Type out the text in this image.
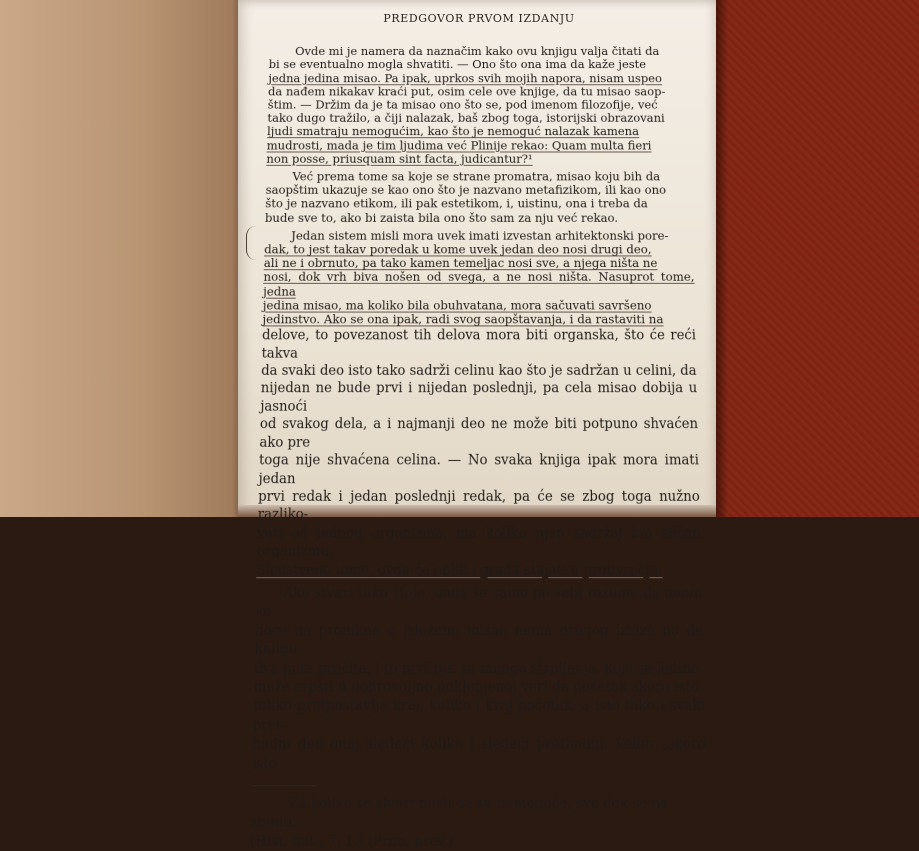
PREDGOVOR PRVOM IZDANJU

Ovde mi je namera da naznačim kako ovu knjigu valja čitati da
bi se eventualno mogla shvatiti. — Ono što ona ima da kaže jeste
jedna jedina misao. Pa ipak, uprkos svih mojih napora, nisam uspeo
da nađem nikakav kraći put, osim cele ove knjige, da tu misao saop-
štim. — Držim da je ta misao ono što se, pod imenom filozofije, već
tako dugo tražilo, a čiji nalazak, baš zbog toga, istorijski obrazovani
ljudi smatraju nemogućim, kao što je nemoguć nalazak kamena
mudrosti, mada je tim ljudima već Plinije rekao: Quam multa fieri
non posse, priusquam sint facta, judicantur?¹

Već prema tome sa koje se strane promatra, misao koju bih da
saopštim ukazuje se kao ono što je nazvano metafizikom, ili kao ono
što je nazvano etikom, ili pak estetikom, i, uistinu, ona i treba da
bude sve to, ako bi zaista bila ono što sam za nju već rekao.

Jedan sistem misli mora uvek imati izvestan arhitektonski pore-
dak, to jest takav poredak u kome uvek jedan deo nosi drugi deo,
ali ne i obrnuto, pa tako kamen temeljac nosi sve, a njega ništa ne
nosi, dok vrh biva nošen od svega, a ne nosi ništa. Nasuprot tome, jedna
jedina misao, ma koliko bila obuhvatana, mora sačuvati savršeno
jedinstvo. Ako se ona ipak, radi svog saopštavanja, i da rastaviti na
delove, to povezanost tih delova mora biti organska, što će reći takva
da svaki deo isto tako sadrži celinu kao što je sadržan u celini, da
nijedan ne bude prvi i nijedan poslednji, pa cela misao dobija u jasnoći
od svakog dela, a i najmanji deo ne može biti potpuno shvaćen ako pre
toga nije shvaćena celina. — No svaka knjiga ipak mora imati jedan
prvi redak i jedan poslednji redak, pa će se zbog toga nužno razliko-
vati od jednog organizma, ma koliko njen sadržaj bio sličan organizmu.
Sledstveno tome, ovde će oblik i građa stajati u protivrečju.

Ako stvari tako stoje, onda se samo po sebi razume da onom ko
hoće da pronikne u izloženu misao nema drugog izlaza no da knjigu
dva puta pročita, i to prvi put sa mnogo strpljenja, koje se jedino
može crpsti u dobrovoljno poklonjenoj veri da početak skoro isto
toliko pretpostavlja kraj, koliko i kraj početak, a isto tako i svaki pret-
hodni deo onaj sledeći koliko i sledeći prethodni. Velim „skoro isto

¹ Za koliko se stvari misli da su nemoguće, sve dok se ne zbudu.
(Hist. nat., 7, 1.) (Prim. prev.)
